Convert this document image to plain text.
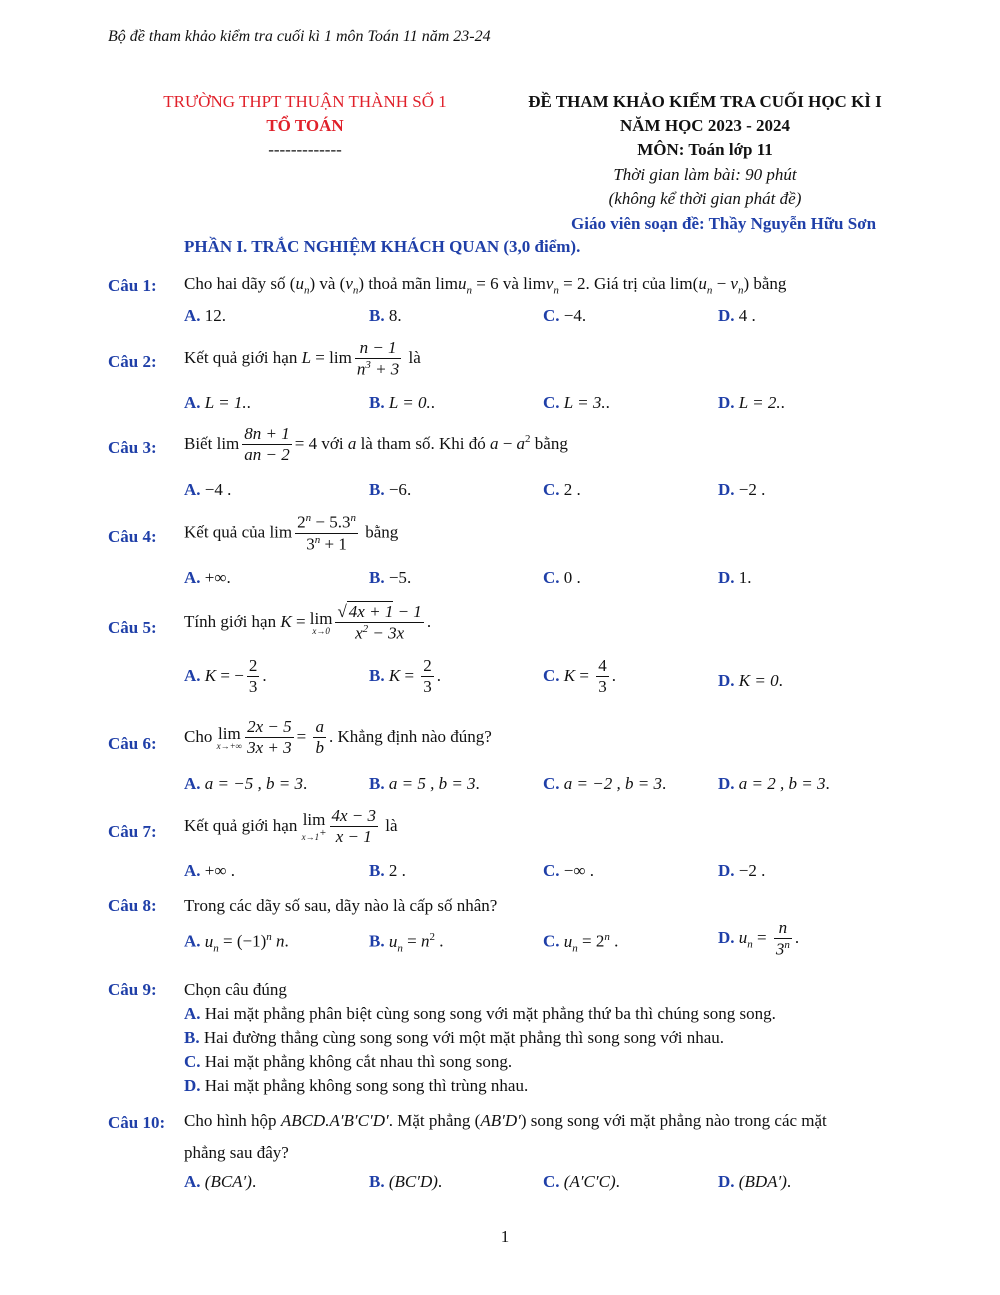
Bộ đề tham khảo kiểm tra cuối kì 1 môn Toán 11 năm 23-24
TRƯỜNG THPT THUẬN THÀNH SỐ 1
TỔ TOÁN
-------------
ĐỀ THAM KHẢO KIỂM TRA CUỐI HỌC KÌ I
NĂM HỌC 2023 - 2024
MÔN: Toán lớp 11
Thời gian làm bài: 90 phút
(không kể thời gian phát đề)
Giáo viên soạn đề: Thầy Nguyễn Hữu Sơn
PHẦN I. TRẮC NGHIỆM KHÁCH QUAN (3,0 điểm).
Câu 1: Cho hai dãy số $(u_n)$ và $(v_n)$ thoả mãn limu$_n$ = 6 và limv$_n$ = 2. Giá trị của $\lim(u_n - v_n)$ bằng
A. 12.	B. 8.	C. −4.	D. 4 .
Câu 2: Kết quả giới hạn $L = \lim \frac{n - 1}{n^3 + 3}$ là
A. L = 1..	B. L = 0..	C. L = 3..	D. L = 2..
Câu 3: Biết $\lim \frac{8n + 1}{an - 2} = 4$ với a là tham số. Khi đó $a - a^2$ bằng
A. −4 .	B. −6.	C. 2 .	D. −2 .
Câu 4: Kết quả của $\lim \frac{2^n - 5.3^n}{3^n + 1}$ bằng
A. +∞.	B. −5.	C. 0 .	D. 1.
Câu 5: Tính giới hạn K = lim
$x\to 0 \frac{√ 4x + 1 - 1}{x^2 - 3x}$ .
A. K = − $\frac{2}{3}$ .	B. $K = \frac{2}{3}$ .	C. $K = \frac{4}{3}$ .	D. K = 0.
Câu 6: Cho lim
$x\to+\infty \frac{2x - 5}{3x + 3} = \frac{a}{b}$ . Khẳng định nào đúng?
A. a = −5 , b = 3.	B. a = 5 , b = 3.	C. a = −2 , b = 3.	D. a = 2 , b = 3.
Câu 7: Kết quả giới hạn lim
$x\to 1^+ \frac{4x - 3}{x - 1}$ là
A. +∞ .	B. 2 .	C. −∞ .	D. −2 .
Câu 8: Trong các dãy số sau, dãy nào là cấp số nhân?
A. $u_n = (-1)^n$ n.	B. $u_n = n^2$ .	C. $u_n = 2^n$ .	D. $u_n = \frac{n}{3^n}$ .
Câu 9: Chọn câu đúng
A. Hai mặt phẳng phân biệt cùng song song với mặt phẳng thứ ba thì chúng song song.
B. Hai đường thẳng cùng song song với một mặt phẳng thì song song với nhau.
C. Hai mặt phẳng không cắt nhau thì song song.
D. Hai mặt phẳng không song song thì trùng nhau.
Câu 10: Cho hình hộp ABCD.A′B′C′D′. Mặt phẳng (AB′D′) song song với mặt phẳng nào trong các mặt
phẳng sau đây?
A. (BCA′).	B. (BC′D).	C. (A′C′C).	D. (BDA′).
1
